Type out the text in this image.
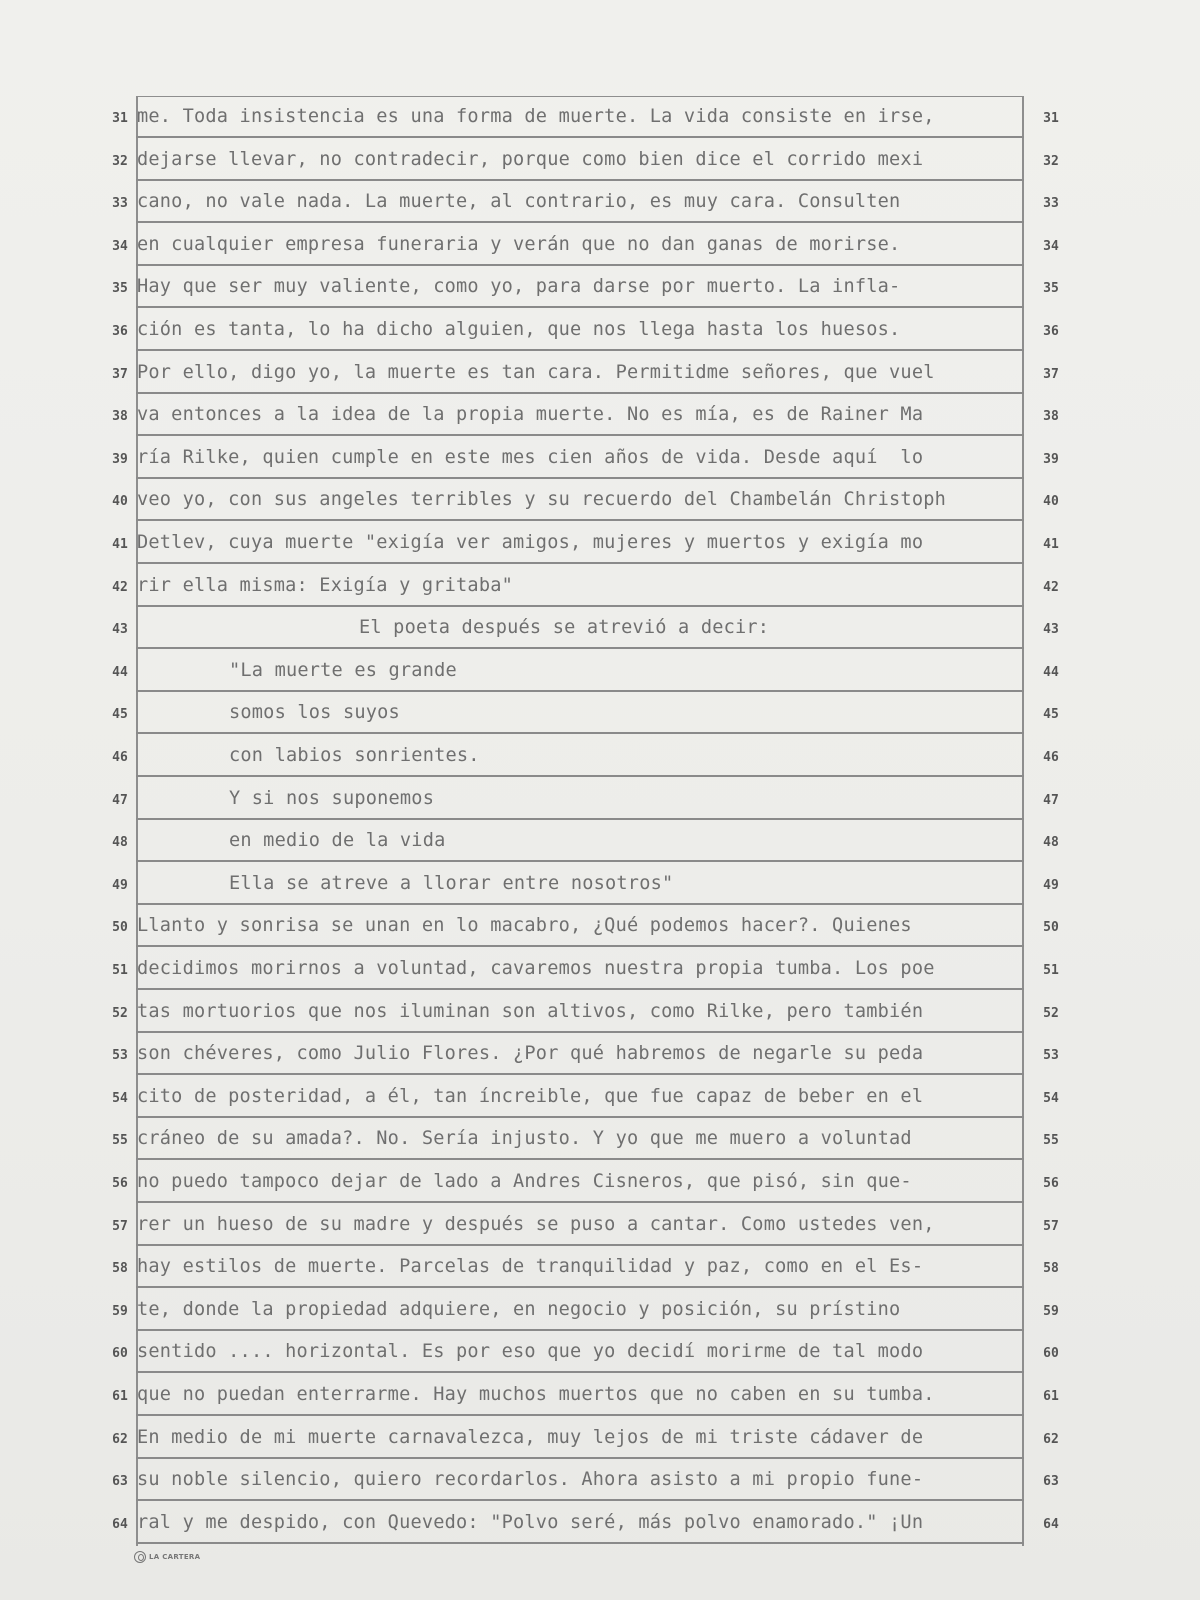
31 me. Toda insistencia es una forma de muerte. La vida consiste en irse,	31
32 dejarse llevar, no contradecir, porque como bien dice el corrido mexi	32
33 cano, no vale nada. La muerte, al contrario, es muy cara. Consulten	33
34 en cualquier empresa funeraria y verán que no dan ganas de morirse.	34
35 Hay que ser muy valiente, como yo, para darse por muerto. La infla-	35
36 ción es tanta, lo ha dicho alguien, que nos llega hasta los huesos.	36
37 Por ello, digo yo, la muerte es tan cara. Permitidme señores, que vuel	37
38 va entonces a la idea de la propia muerte. No es mía, es de Rainer Ma	38
39 ría Rilke, quien cumple en este mes cien años de vida. Desde aquí  lo	39
40 veo yo, con sus angeles terribles y su recuerdo del Chambelán Christoph	40
41 Detlev, cuya muerte "exigía ver amigos, mujeres y muertos y exigía mo	41
42 rir ella misma: Exigía y gritaba"	42
43	El poeta después se atrevió a decir:	43
44	"La muerte es grande	44
45	somos los suyos	45
46	con labios sonrientes.	46
47	Y si nos suponemos	47
48	en medio de la vida	48
49	Ella se atreve a llorar entre nosotros"	49
50 Llanto y sonrisa se unan en lo macabro, ¿Qué podemos hacer?. Quienes	50
51 decidimos morirnos a voluntad, cavaremos nuestra propia tumba. Los poe	51
52 tas mortuorios que nos iluminan son altivos, como Rilke, pero también	52
53 son chéveres, como Julio Flores. ¿Por qué habremos de negarle su peda	53
54 cito de posteridad, a él, tan íncreible, que fue capaz de beber en el	54
55 cráneo de su amada?. No. Sería injusto. Y yo que me muero a voluntad	55
56 no puedo tampoco dejar de lado a Andres Cisneros, que pisó, sin que-	56
57 rer un hueso de su madre y después se puso a cantar. Como ustedes ven,	57
58 hay estilos de muerte. Parcelas de tranquilidad y paz, como en el Es-	58
59 te, donde la propiedad adquiere, en negocio y posición, su prístino	59
60 sentido .... horizontal. Es por eso que yo decidí morirme de tal modo	60
61 que no puedan enterrarme. Hay muchos muertos que no caben en su tumba.	61
62 En medio de mi muerte carnavalezca, muy lejos de mi triste cádaver de	62
63 su noble silencio, quiero recordarlos. Ahora asisto a mi propio fune-	63
64 ral y me despido, con Quevedo: "Polvo seré, más polvo enamorado." ¡Un	64
LA CARTERA
